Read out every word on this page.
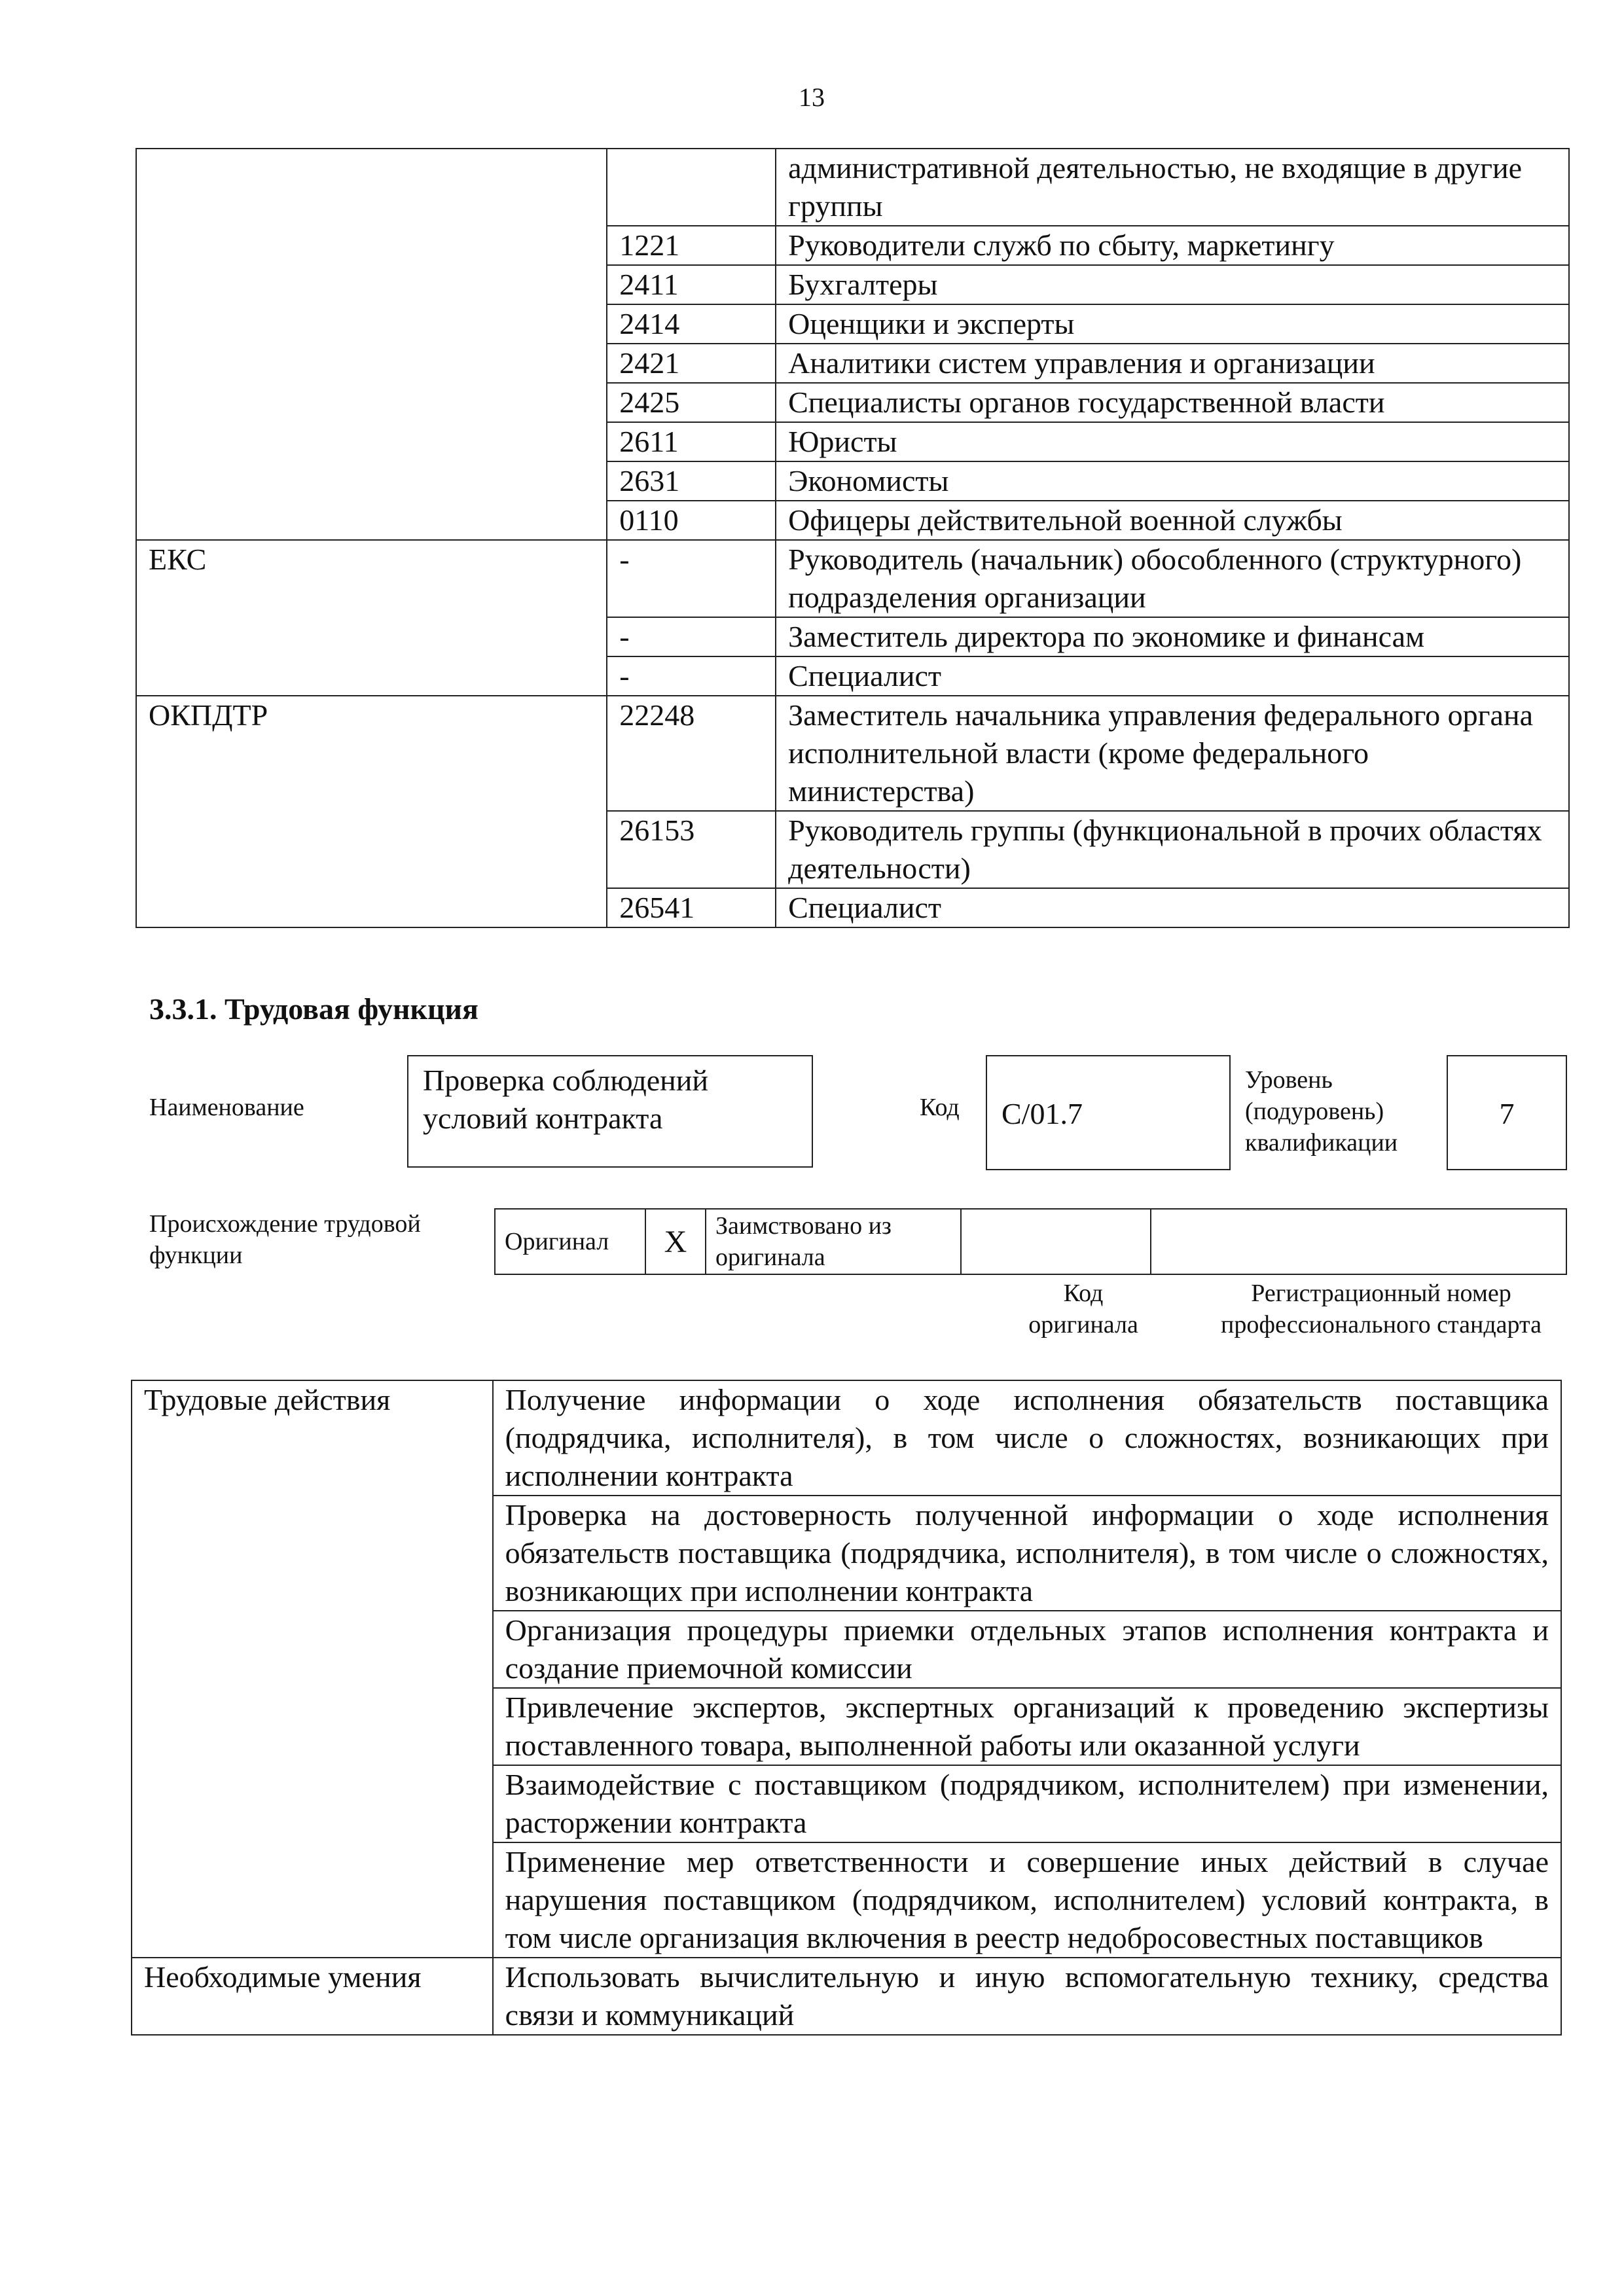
13
		административной деятельностью, не входящие в другие группы
	1221	Руководители служб по сбыту, маркетингу
	2411	Бухгалтеры
	2414	Оценщики и эксперты
	2421	Аналитики систем управления и организации
	2425	Специалисты органов государственной власти
	2611	Юристы
	2631	Экономисты
	0110	Офицеры действительной военной службы
ЕКС	-	Руководитель (начальник) обособленного (структурного) подразделения организации
	-	Заместитель директора по экономике и финансам
	-	Специалист
ОКПДТР	22248	Заместитель начальника управления федерального органа исполнительной власти (кроме федерального министерства)
	26153	Руководитель группы (функциональной в прочих областях деятельности)
	26541	Специалист
3.3.1. Трудовая функция
Наименование
Проверка соблюдений условий контракта	Код	C/01.7
Уровень
(подуровень)
квалификации
7
Происхождение трудовой
функции	Оригинал	X	Заимствовано из
оригинала

Код
оригинала
Регистрационный номер
профессионального стандарта
Трудовые действия	Получение информации о ходе исполнения обязательств поставщика (подрядчика, исполнителя), в том числе о сложностях, возникающих при исполнении контракта
	Проверка на достоверность полученной информации о ходе исполнения обязательств поставщика (подрядчика, исполнителя), в том числе о сложностях, возникающих при исполнении контракта
	Организация процедуры приемки отдельных этапов исполнения контракта и создание приемочной комиссии
	Привлечение экспертов, экспертных организаций к проведению экспертизы поставленного товара, выполненной работы или оказанной услуги
	Взаимодействие с поставщиком (подрядчиком, исполнителем) при изменении, расторжении контракта
	Применение мер ответственности и совершение иных действий в случае нарушения поставщиком (подрядчиком, исполнителем) условий контракта, в том числе организация включения в реестр недобросовестных поставщиков
Необходимые умения	Использовать вычислительную и иную вспомогательную технику, средства связи и коммуникаций
